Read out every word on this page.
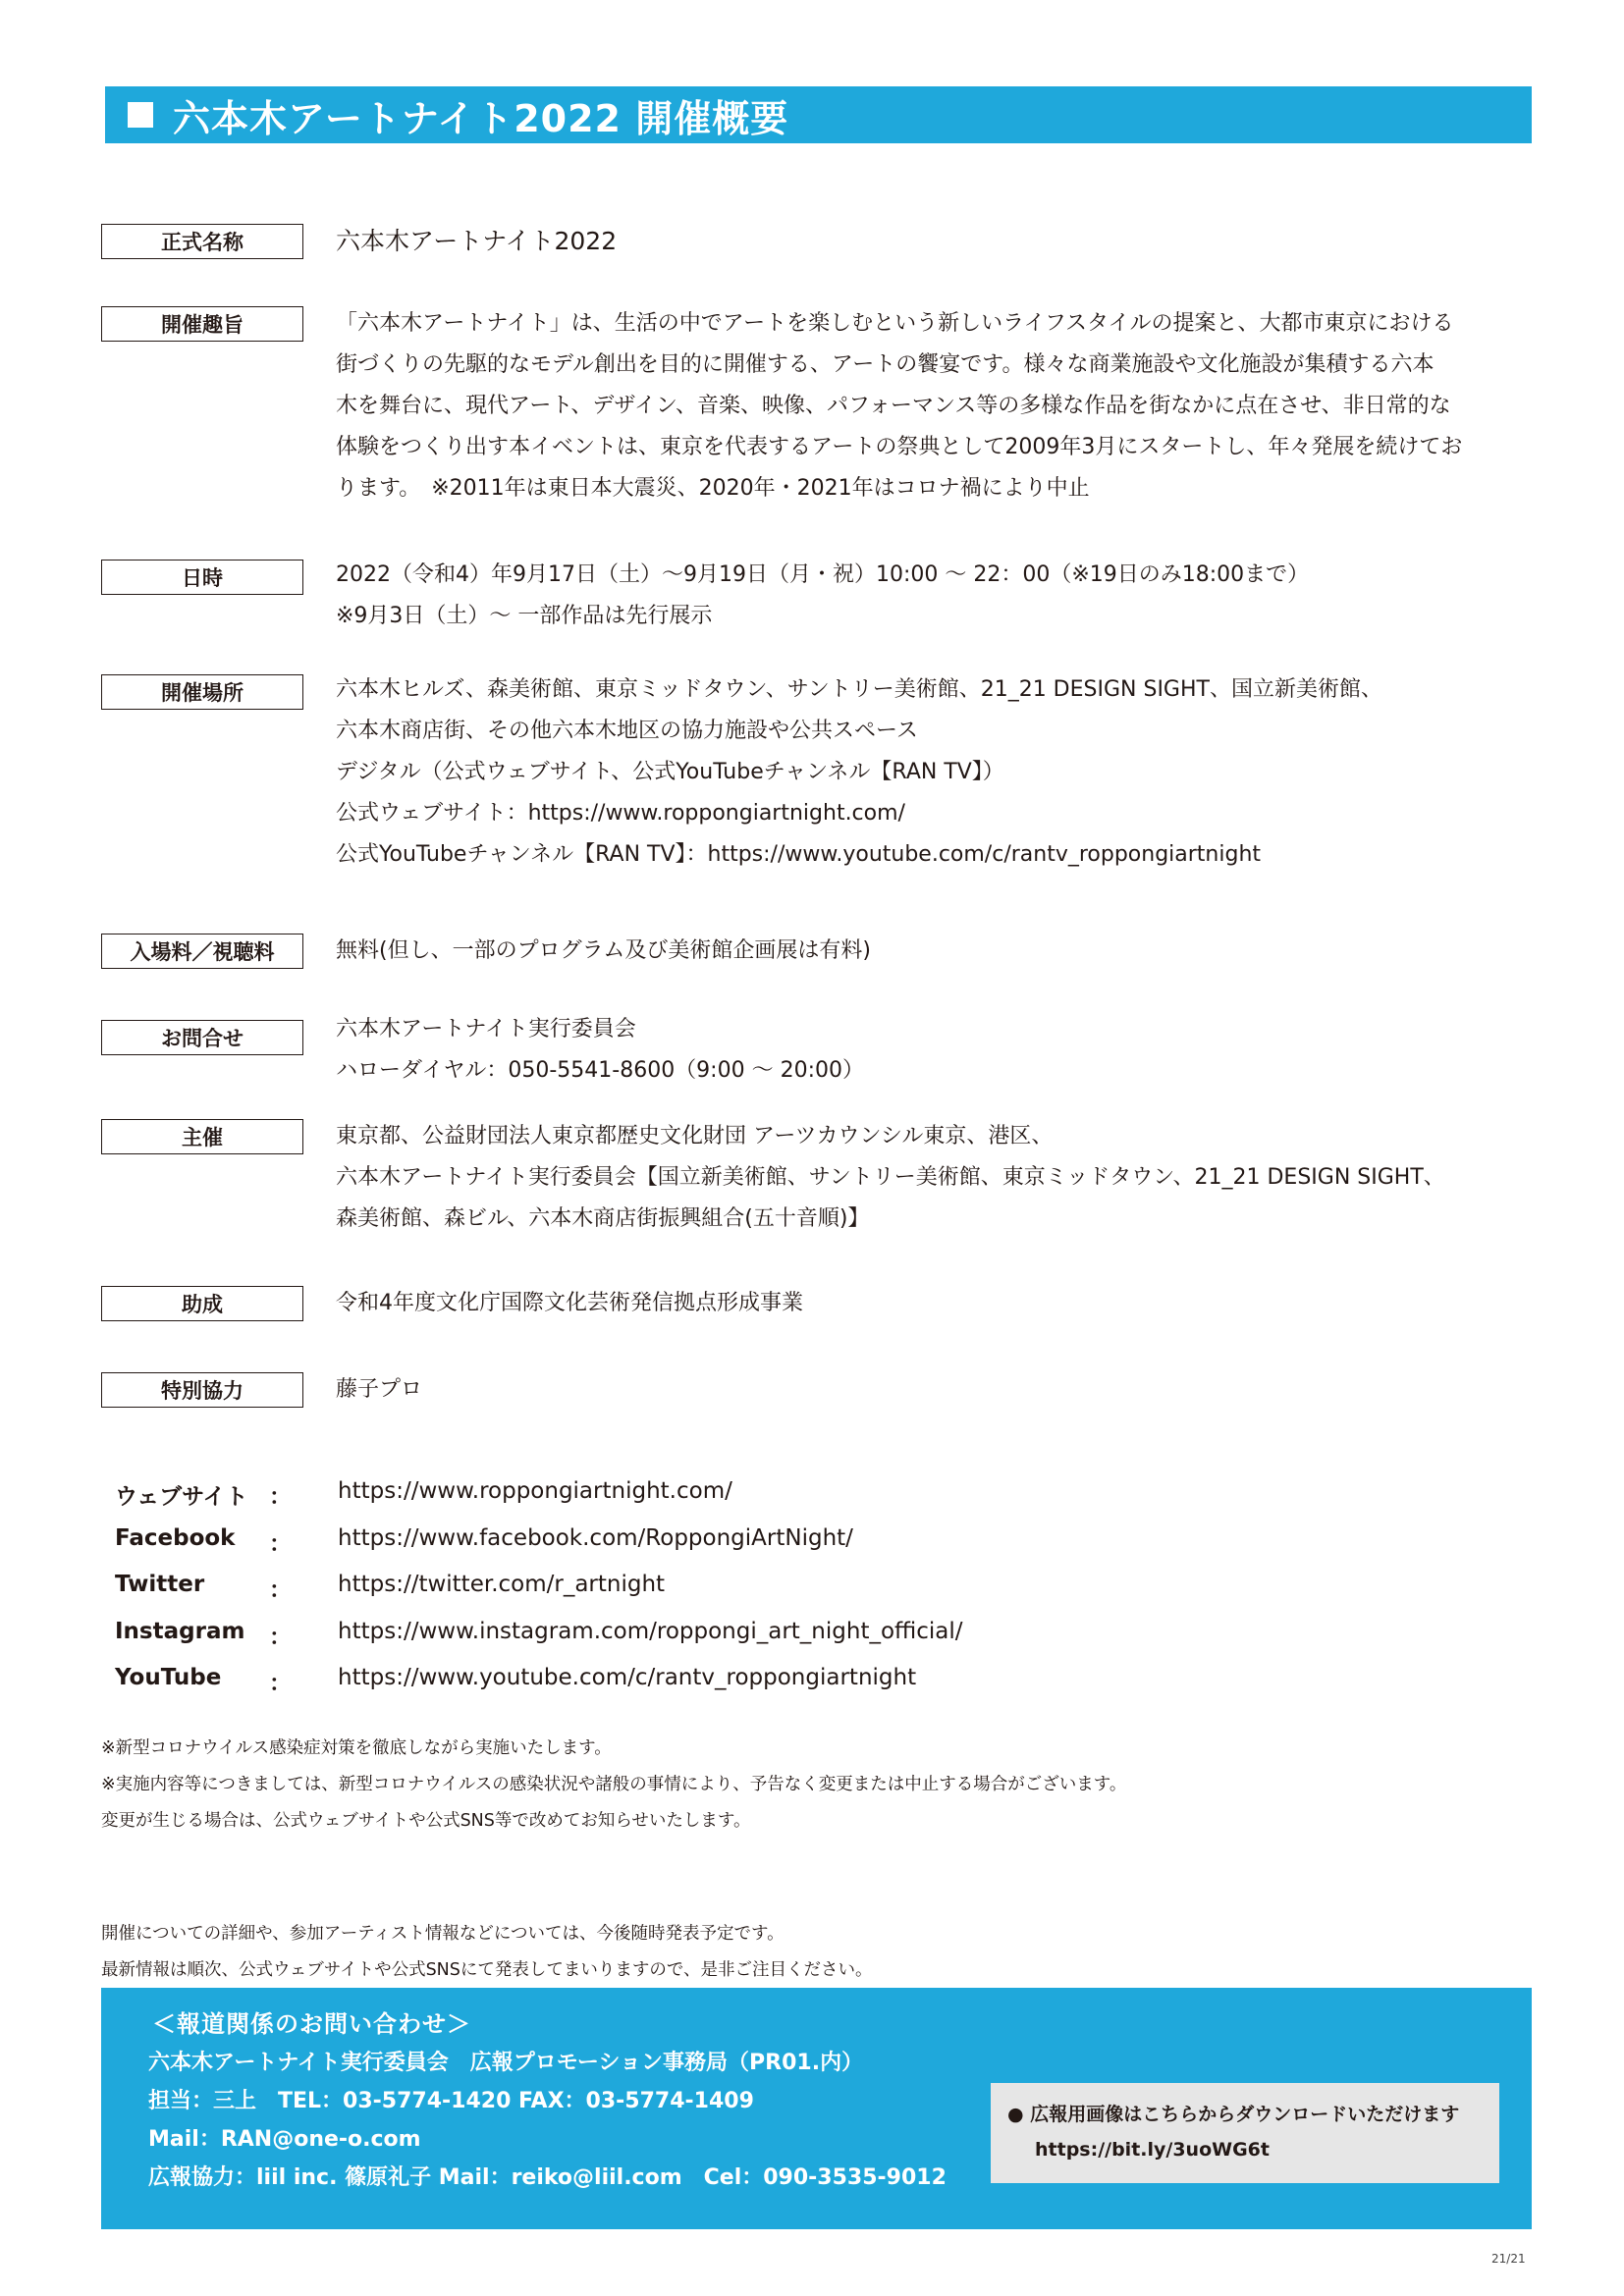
六本木アートナイト2022 開催概要
正式名称	六本木アートナイト2022
開催趣旨	「六本木アートナイト」は、生活の中でアートを楽しむという新しいライフスタイルの提案と、大都市東京における
街づくりの先駆的なモデル創出を目的に開催する、アートの饗宴です。様々な商業施設や文化施設が集積する六本
木を舞台に、現代アート、デザイン、音楽、映像、パフォーマンス等の多様な作品を街なかに点在させ、非日常的な
体験をつくり出す本イベントは、東京を代表するアートの祭典として2009年3月にスタートし、年々発展を続けてお
ります。　※2011年は東日本大震災、2020年・2021年はコロナ禍により中止
日時	2022（令和4）年9月17日（土）～9月19日（月・祝）10:00 ～ 22：00（※19日のみ18:00まで）
※9月3日（土）～ 一部作品は先行展示
開催場所	六本木ヒルズ、森美術館、東京ミッドタウン、サントリー美術館、21_21 DESIGN SIGHT、国立新美術館、
六本木商店街、その他六本木地区の協力施設や公共スペース
デジタル（公式ウェブサイト、公式YouTubeチャンネル【RAN TV】）
公式ウェブサイト：https://www.roppongiartnight.com/
公式YouTubeチャンネル【RAN TV】：https://www.youtube.com/c/rantv_roppongiartnight
入場料／視聴料	無料(但し、一部のプログラム及び美術館企画展は有料)
お問合せ	六本木アートナイト実行委員会
ハローダイヤル：050-5541-8600（9:00 ～ 20:00）
主催	東京都、公益財団法人東京都歴史文化財団 アーツカウンシル東京、港区、
六本木アートナイト実行委員会【国立新美術館、サントリー美術館、東京ミッドタウン、21_21 DESIGN SIGHT、
森美術館、森ビル、六本木商店街振興組合(五十音順)】
助成	令和4年度文化庁国際文化芸術発信拠点形成事業
特別協力	藤子プロ
ウェブサイト ： https://www.roppongiartnight.com/
Facebook ： https://www.facebook.com/RoppongiArtNight/
Twitter	： https://twitter.com/r_artnight
Instagram ： https://www.instagram.com/roppongi_art_night_official/
YouTube ： https://www.youtube.com/c/rantv_roppongiartnight
※新型コロナウイルス感染症対策を徹底しながら実施いたします。
※実施内容等につきましては、新型コロナウイルスの感染状況や諸般の事情により、予告なく変更または中止する場合がございます。
変更が生じる場合は、公式ウェブサイトや公式SNS等で改めてお知らせいたします。
開催についての詳細や、参加アーティスト情報などについては、今後随時発表予定です。
最新情報は順次、公式ウェブサイトや公式SNSにて発表してまいりますので、是非ご注目ください。
＜報道関係のお問い合わせ＞
六本木アートナイト実行委員会　広報プロモーション事務局（PR01.内）
担当：三上　TEL：03-5774-1420 FAX：03-5774-1409
Mail：RAN@one-o.com
広報協力：liil inc. 篠原礼子 Mail：reiko@liil.com　Cel：090-3535-9012
● 広報用画像はこちらからダウンロードいただけます
https://bit.ly/3uoWG6t
21/21
